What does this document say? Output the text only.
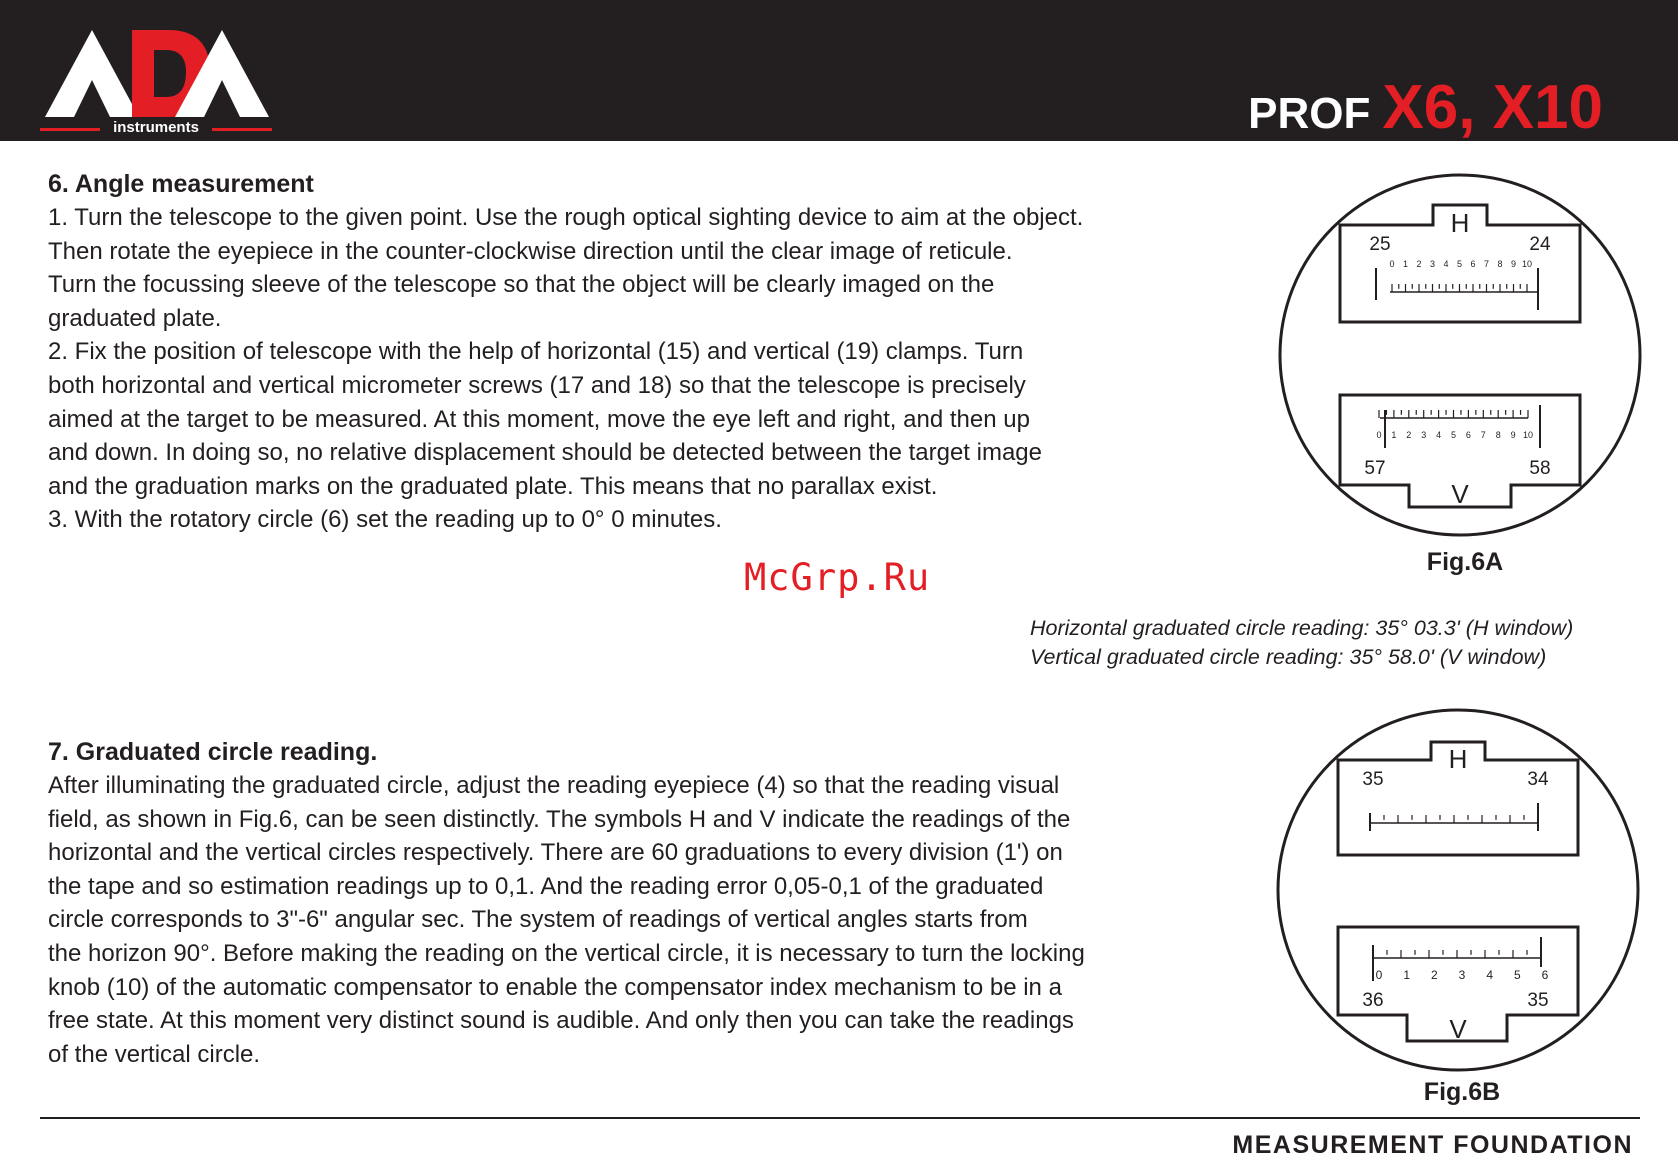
instruments	PROF X6, X10

6. Angle measurement

1. Turn the telescope to the given point. Use the rough optical sighting device to aim at the object.

Then rotate the eyepiece in the counter-clockwise direction until the clear image of reticule.

Turn the focussing sleeve of the telescope so that the object will be clearly imaged on the

graduated plate.

2. Fix the position of telescope with the help of horizontal (15) and vertical (19) clamps. Turn

both horizontal and vertical micrometer screws (17 and 18) so that the telescope is precisely

aimed at the target to be measured. At this moment, move the eye left and right, and then up

and down. In doing so, no relative displacement should be detected between the target image

and the graduation marks on the graduated plate. This means that no parallax exist.

3. With the rotatory circle (6) set the reading up to 0° 0 minutes.

H
25	24
0 1 2 3 4 5 6 7 8 9 10
V
57	58
0 1 2 3 4 5 6 7 8 9 10
Fig.6A
McGrp.Ru
Horizontal graduated circle reading: 35° 03.3' (H window)
Vertical graduated circle reading: 35° 58.0' (V window)

7. Graduated circle reading.

After illuminating the graduated circle, adjust the reading eyepiece (4) so that the reading visual

field, as shown in Fig.6, can be seen distinctly. The symbols H and V indicate the readings of the

horizontal and the vertical circles respectively. There are 60 graduations to every division (1') on

the tape and so estimation readings up to 0,1. And the reading error 0,05-0,1 of the graduated

circle corresponds to 3"-6" angular sec. The system of readings of vertical angles starts from

the horizon 90°. Before making the reading on the vertical circle, it is necessary to turn the locking

knob (10) of the automatic compensator to enable the compensator index mechanism to be in a

free state. At this moment very distinct sound is audible. And only then you can take the readings

of the vertical circle.

H
35	34
V
36	35
0 1 2 3 4 5 6
Fig.6B
MEASUREMENT FOUNDATION
